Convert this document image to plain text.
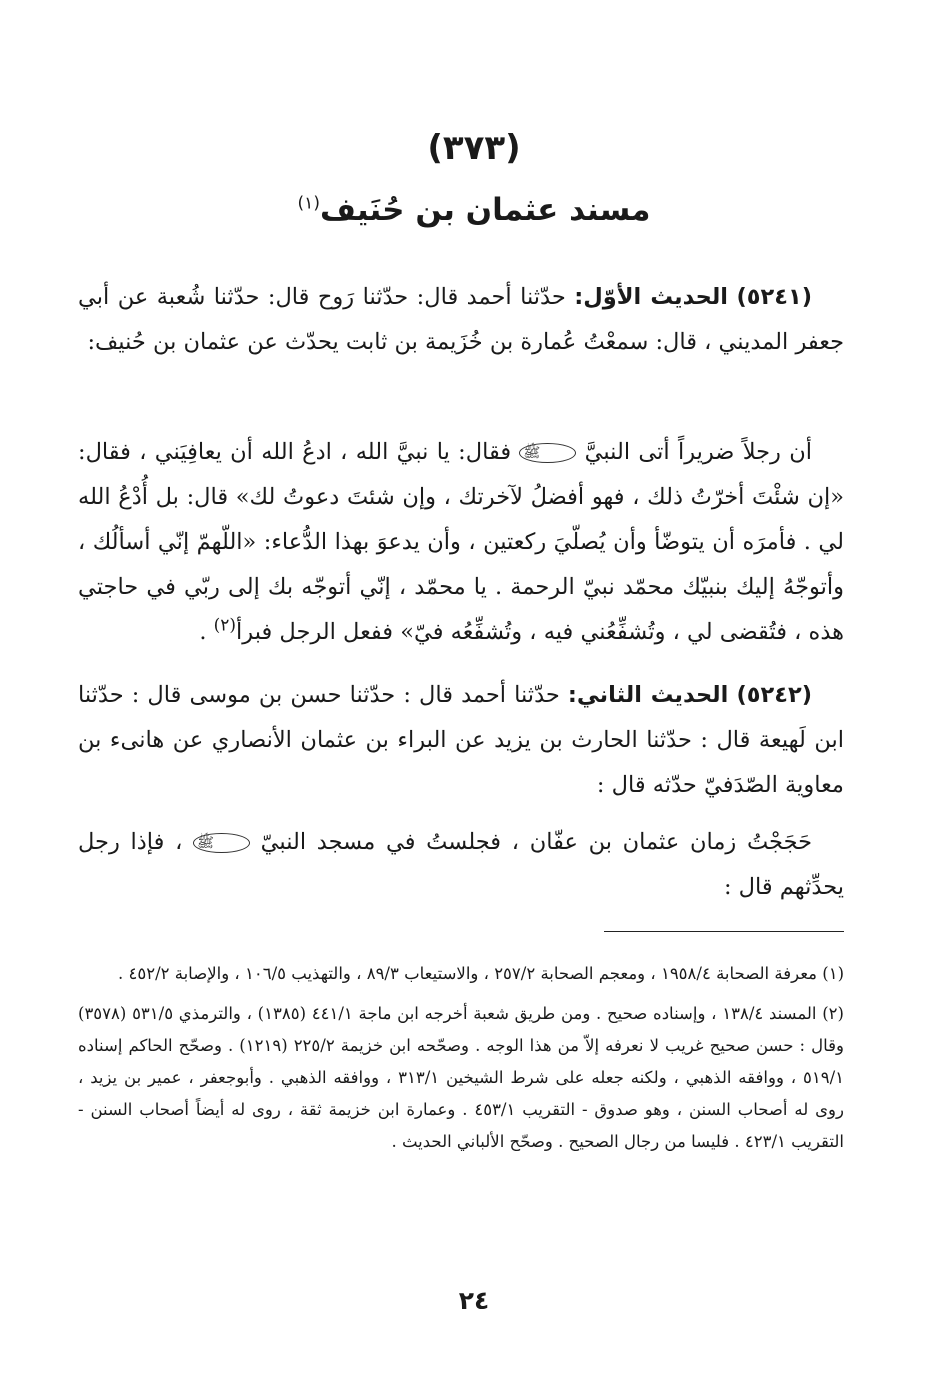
(٣٧٣)
مسند عثمان بن حُنَيف$^{(١)}$
(٥٢٤١) الحديث الأوّل: حدّثنا أحمد قال: حدّثنا رَوح قال: حدّثنا شُعبة عن أبي جعفر المديني ، قال: سمعْتُ عُمارة بن خُزَيمة بن ثابت يحدّث عن عثمان بن حُنيف:
أن رجلاً ضريراً أتى النبيَّ ﷺ فقال: يا نبيَّ الله ، ادعُ الله أن يعافِيَني ، فقال: «إن شئْتَ أخرّتُ ذلك ، فهو أفضلُ لآخرتك ، وإن شئتَ دعوتُ لك» قال: بل أُدْعُ الله لي . فأمرَه أن يتوضّأ وأن يُصلّيَ ركعتين ، وأن يدعوَ بهذا الدُّعاء: «اللّهمّ إنّي أسألُك ، وأتوجّهُ إليك بنبيّك محمّد نبيّ الرحمة . يا محمّد ، إنّي أتوجّه بك إلى ربّي في حاجتي هذه ، فتُقضى لي ، وتُشفِّعُني فيه ، وتُشفِّعُه فيّ» ففعل الرجل فبرأ$^{(٢)}$ .
(٥٢٤٢) الحديث الثاني: حدّثنا أحمد قال : حدّثنا حسن بن موسى قال : حدّثنا ابن لَهيعة قال : حدّثنا الحارث بن يزيد عن البراء بن عثمان الأنصاري عن هانىء بن معاوية الصّدَفيّ حدّثه قال :
حَجَجْتُ زمان عثمان بن عفّان ، فجلستُ في مسجد النبيّ ﷺ ، فإذا رجل يحدِّثهم قال :

(١) معرفة الصحابة ١٩٥٨/٤ ، ومعجم الصحابة ٢٥٧/٢ ، والاستيعاب ٨٩/٣ ، والتهذيب ١٠٦/٥ ، والإصابة ٤٥٢/٢ .

(٢) المسند ١٣٨/٤ ، وإسناده صحيح . ومن طريق شعبة أخرجه ابن ماجة ٤٤١/١ (١٣٨٥) ، والترمذي ٥٣١/٥ (٣٥٧٨) وقال : حسن صحيح غريب لا نعرفه إلاّ من هذا الوجه . وصحّحه ابن خزيمة ٢٢٥/٢ (١٢١٩) . وصحّح الحاكم إسناده ٥١٩/١ ، ووافقه الذهبي ، ولكنه جعله على شرط الشيخين ٣١٣/١ ، ووافقه الذهبي . وأبوجعفر ، عمير بن يزيد ، روى له أصحاب السنن ، وهو صدوق - التقريب ٤٥٣/١ . وعمارة ابن خزيمة ثقة ، روى له أيضاً أصحاب السنن - التقريب ٤٢٣/١ . فليسا من رجال الصحيح . وصحّح الألباني الحديث .

٢٤
